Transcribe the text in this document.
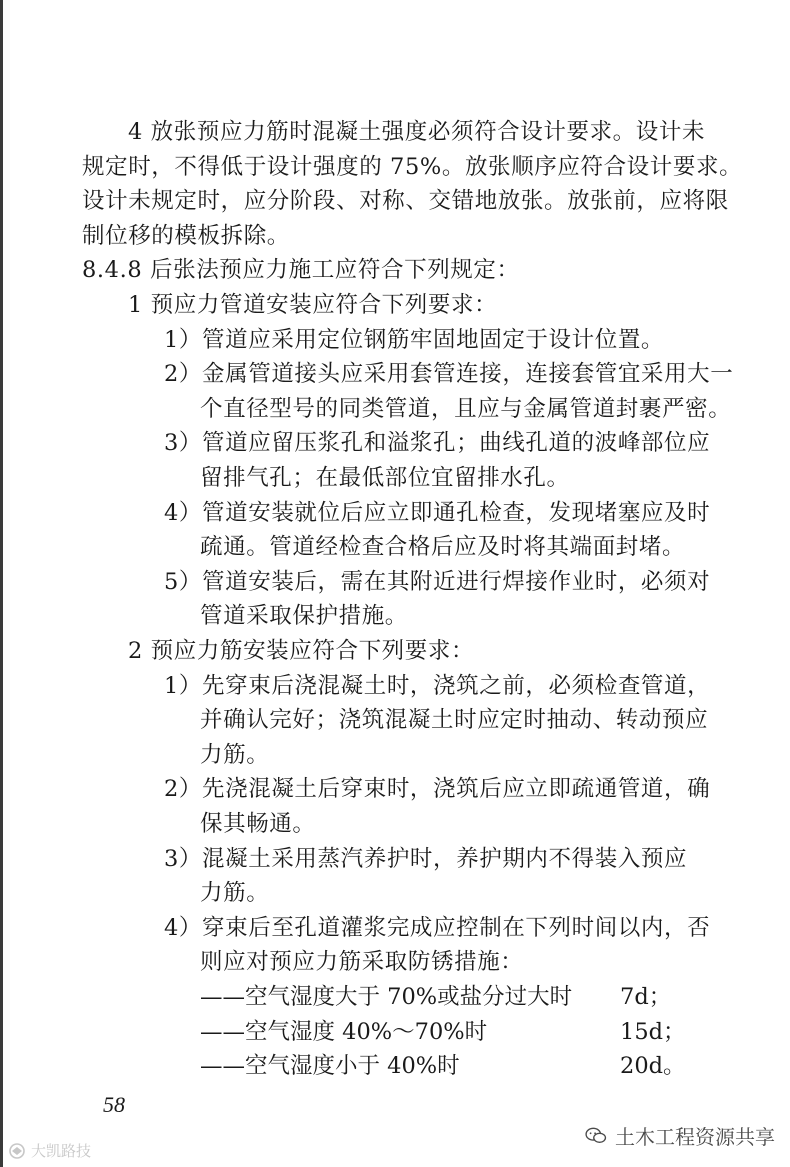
4 放张预应力筋时混凝土强度必须符合设计要求。设计未
规定时，不得低于设计强度的 75%。放张顺序应符合设计要求。
设计未规定时，应分阶段、对称、交错地放张。放张前，应将限
制位移的模板拆除。
8.4.8 后张法预应力施工应符合下列规定：
1 预应力管道安装应符合下列要求：
1）管道应采用定位钢筋牢固地固定于设计位置。
2）金属管道接头应采用套管连接，连接套管宜采用大一
个直径型号的同类管道，且应与金属管道封裹严密。
3）管道应留压浆孔和溢浆孔；曲线孔道的波峰部位应
留排气孔；在最低部位宜留排水孔。
4）管道安装就位后应立即通孔检查，发现堵塞应及时
疏通。管道经检查合格后应及时将其端面封堵。
5）管道安装后，需在其附近进行焊接作业时，必须对
管道采取保护措施。
2 预应力筋安装应符合下列要求：
1）先穿束后浇混凝土时，浇筑之前，必须检查管道，
并确认完好；浇筑混凝土时应定时抽动、转动预应
力筋。
2）先浇混凝土后穿束时，浇筑后应立即疏通管道，确
保其畅通。
3）混凝土采用蒸汽养护时，养护期内不得装入预应
力筋。
4）穿束后至孔道灌浆完成应控制在下列时间以内，否
则应对预应力筋采取防锈措施：
——空气湿度大于 70%或盐分过大时 7d；
——空气湿度 40%～70%时	15d；
——空气湿度小于 40%时	20d。
58
大凯路技
土木工程资源共享
